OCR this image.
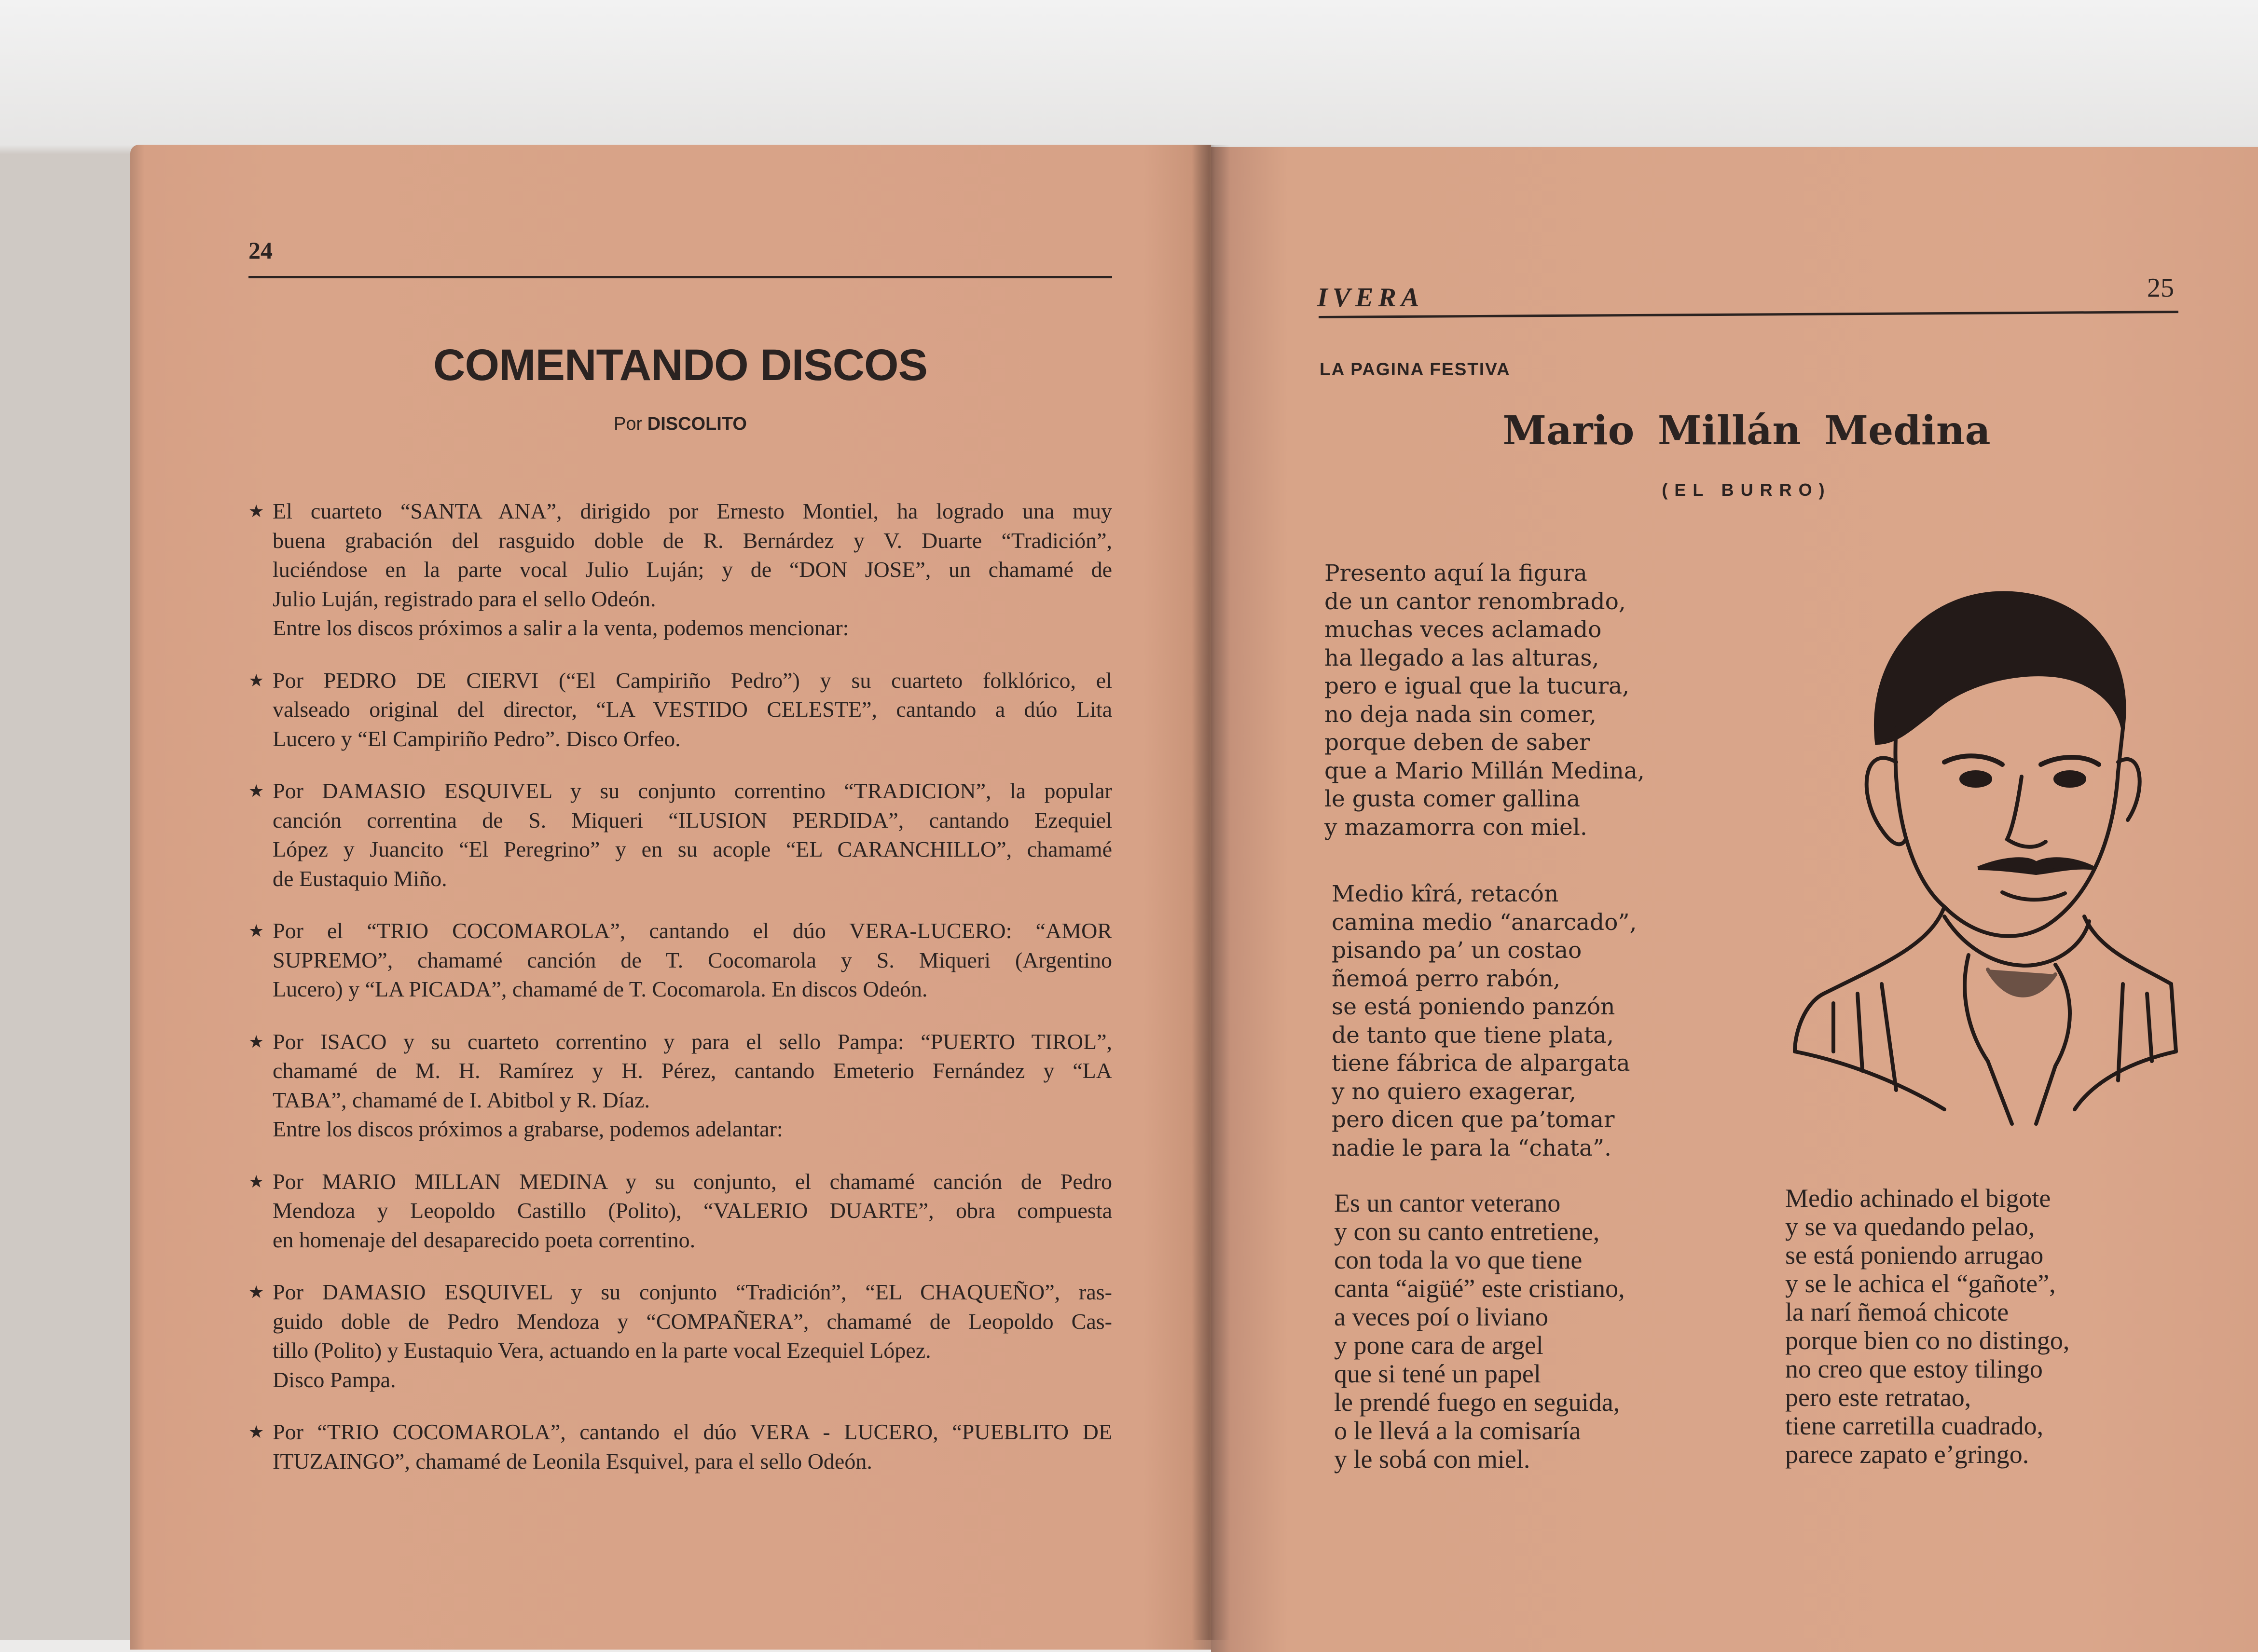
24
COMENTANDO DISCOS
Por DISCOLITO
★ El cuarteto “SANTA ANA”, dirigido por Ernesto Montiel, ha logrado una muy
buena grabación del rasguido doble de R. Bernárdez y V. Duarte “Tradición”,
luciéndose en la parte vocal Julio Luján; y de “DON JOSE”, un chamamé de
Julio Luján, registrado para el sello Odeón.
Entre los discos próximos a salir a la venta, podemos mencionar:
★ Por PEDRO DE CIERVI (“El Campiriño Pedro”) y su cuarteto folklórico, el
valseado original del director, “LA VESTIDO CELESTE”, cantando a dúo Lita
Lucero y “El Campiriño Pedro”. Disco Orfeo.
★ Por DAMASIO ESQUIVEL y su conjunto correntino “TRADICION”, la popular
canción correntina de S. Miqueri “ILUSION PERDIDA”, cantando Ezequiel
López y Juancito “El Peregrino” y en su acople “EL CARANCHILLO”, chamamé
de Eustaquio Miño.
★ Por el “TRIO COCOMAROLA”, cantando el dúo VERA-LUCERO: “AMOR
SUPREMO”, chamamé canción de T. Cocomarola y S. Miqueri (Argentino
Lucero) y “LA PICADA”, chamamé de T. Cocomarola. En discos Odeón.
★ Por ISACO y su cuarteto correntino y para el sello Pampa: “PUERTO TIROL”,
chamamé de M. H. Ramírez y H. Pérez, cantando Emeterio Fernández y “LA
TABA”, chamamé de I. Abitbol y R. Díaz.
Entre los discos próximos a grabarse, podemos adelantar:
★ Por MARIO MILLAN MEDINA y su conjunto, el chamamé canción de Pedro
Mendoza y Leopoldo Castillo (Polito), “VALERIO DUARTE”, obra compuesta
en homenaje del desaparecido poeta correntino.
★ Por DAMASIO ESQUIVEL y su conjunto “Tradición”, “EL CHAQUEÑO”, ras-
guido doble de Pedro Mendoza y “COMPAÑERA”, chamamé de Leopoldo Cas-
tillo (Polito) y Eustaquio Vera, actuando en la parte vocal Ezequiel López.
Disco Pampa.
★ Por “TRIO COCOMAROLA”, cantando el dúo VERA - LUCERO, “PUEBLITO DE
ITUZAINGO”, chamamé de Leonila Esquivel, para el sello Odeón.
IVERA	25
LA PAGINA FESTIVA
Mario Millán Medina
(EL BURRO)
Presento aquí la figura
de un cantor renombrado,
muchas veces aclamado
ha llegado a las alturas,
pero e igual que la tucura,
no deja nada sin comer,
porque deben de saber
que a Mario Millán Medina,
le gusta comer gallina
y mazamorra con miel.
Medio kîrá, retacón
camina medio “anarcado”,
pisando pa’ un costao
ñemoá perro rabón,
se está poniendo panzón
de tanto que tiene plata,
tiene fábrica de alpargata
y no quiero exagerar,
pero dicen que pa’tomar
nadie le para la “chata”.
Es un cantor veterano
y con su canto entretiene,
con toda la vo que tiene
canta “aigüé” este cristiano,
a veces poí o liviano
y pone cara de argel
que si tené un papel
le prendé fuego en seguida,
o le llevá a la comisaría
y le sobá con miel.
Medio achinado el bigote
y se va quedando pelao,
se está poniendo arrugao
y se le achica el “gañote”,
la narí ñemoá chicote
porque bien co no distingo,
no creo que estoy tilingo
pero este retratao,
tiene carretilla cuadrado,
parece zapato e’gringo.
